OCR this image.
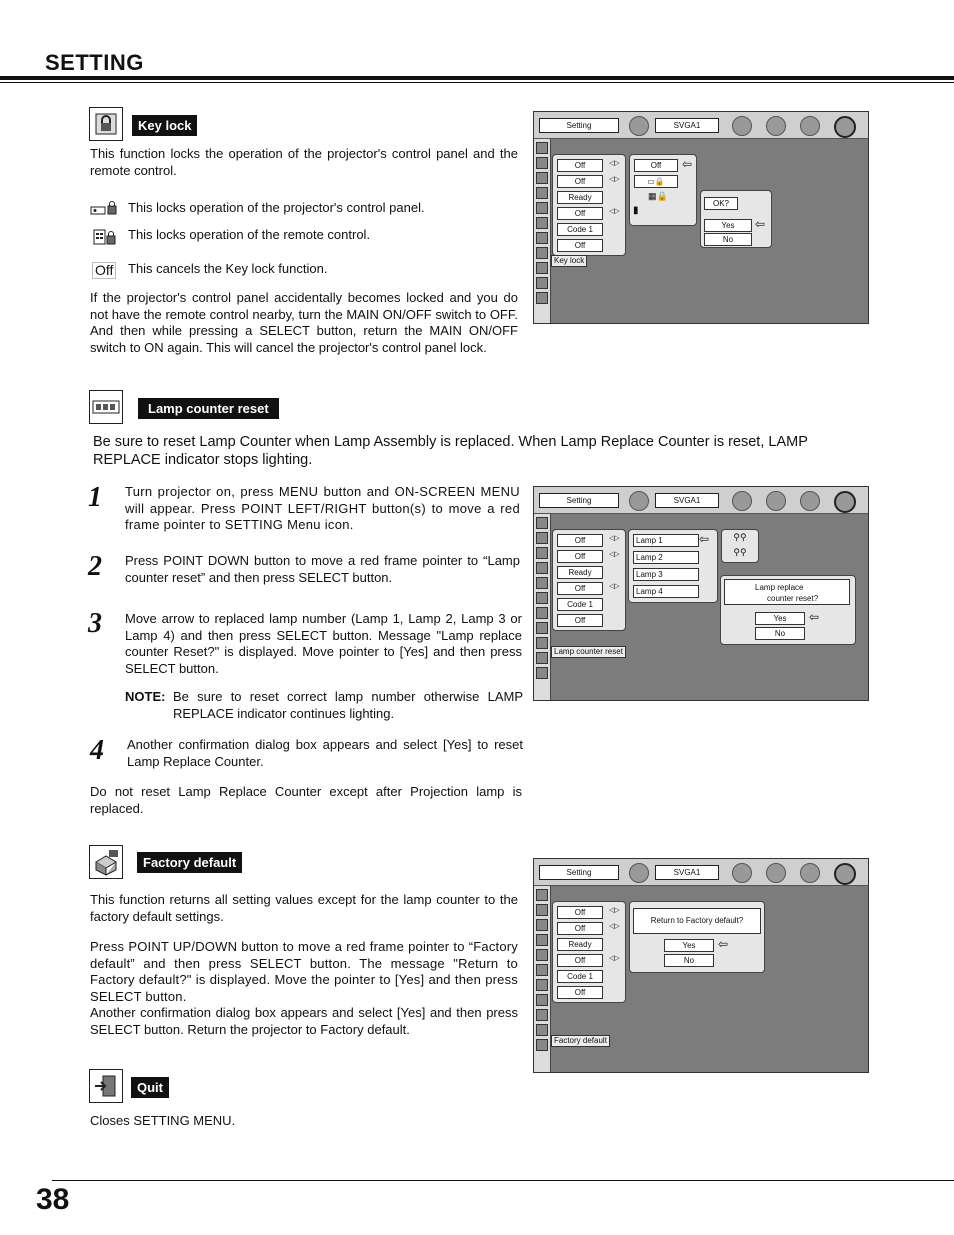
SETTING
Key lock
This function locks the operation of the projector's control panel and the remote control.
This locks operation of the projector's control panel.
This locks operation of the remote control.
Off This cancels the Key lock function.
If the projector's control panel accidentally becomes locked and you do not have the remote control nearby, turn the MAIN ON/OFF switch to OFF. And then while pressing a SELECT button, return the MAIN ON/OFF switch to ON again. This will cancel the projector's control panel lock.
Setting	SVGA1
Off	◁▷
Off	◁▷
Ready
Off	◁▷
Code 1
Off
Key lock
Off	⇦
▭🔒
▦🔒
▮
OK?
Yes	⇦
No
Lamp counter reset
Be sure to reset Lamp Counter when Lamp Assembly is replaced. When Lamp Replace Counter is reset, LAMP REPLACE indicator stops lighting.
1 Turn projector on, press MENU button and ON-SCREEN MENU will appear. Press POINT LEFT/RIGHT button(s) to move a red frame pointer to SETTING Menu icon.
2 Press POINT DOWN button to move a red frame pointer to “Lamp counter reset” and then press SELECT button.
3 Move arrow to replaced lamp number (Lamp 1, Lamp 2, Lamp 3 or Lamp 4) and then press SELECT button. Message "Lamp replace counter Reset?" is displayed. Move pointer to [Yes] and then press SELECT button.
NOTE: Be sure to reset correct lamp number otherwise LAMP REPLACE indicator continues lighting.
4 Another confirmation dialog box appears and select [Yes] to reset Lamp Replace Counter.
Do not reset Lamp Replace Counter except after Projection lamp is replaced.
Setting	SVGA1
Off	◁▷
Off	◁▷
Ready
Off	◁▷
Code 1
Off
Lamp counter reset
Lamp 1	⇦
Lamp 2
Lamp 3
Lamp 4
⚲⚲
⚲⚲
Lamp replace
counter reset?
Yes	⇦
No
Factory default
This function returns all setting values except for the lamp counter to the factory default settings.
Press POINT UP/DOWN button to move a red frame pointer to “Factory default” and then press SELECT button. The message "Return to Factory default?" is displayed. Move the pointer to [Yes] and then press SELECT button.
Another confirmation dialog box appears and select [Yes] and then press SELECT button. Return the projector to Factory default.
Setting	SVGA1
Off	◁▷
Off	◁▷
Ready
Off	◁▷
Code 1
Off
Factory default
Return to Factory default?
Yes	⇦
No
Quit
Closes SETTING MENU.
38
